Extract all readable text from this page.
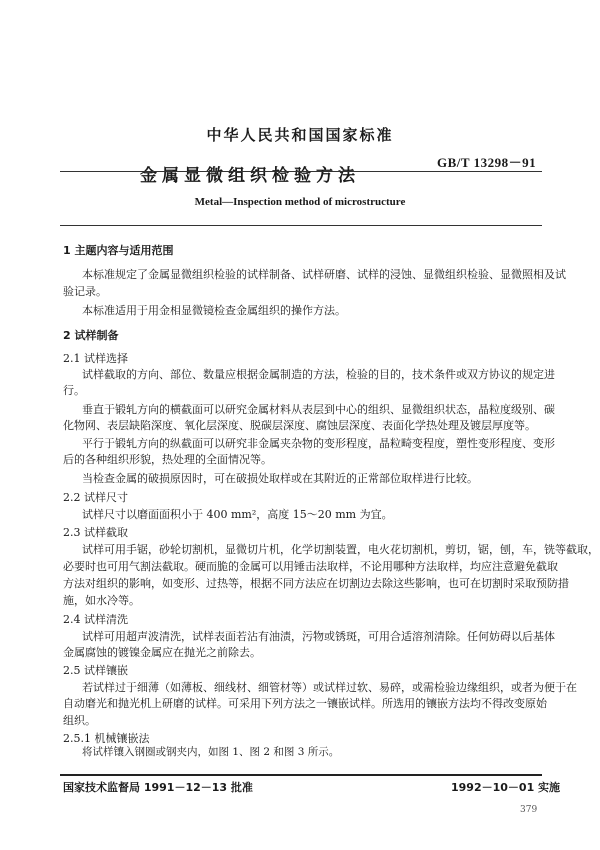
中华人民共和国国家标准
GB/T 13298－91
金属显微组织检验方法
Metal—Inspection method of microstructure
1 主题内容与适用范围
本标准规定了金属显微组织检验的试样制备、试样研磨、试样的浸蚀、显微组织检验、显微照相及试
验记录。
本标准适用于用金相显微镜检查金属组织的操作方法。
2 试样制备
2.1 试样选择
试样截取的方向、部位、数量应根据金属制造的方法，检验的目的，技术条件或双方协议的规定进
行。
垂直于锻轧方向的横截面可以研究金属材料从表层到中心的组织、显微组织状态，晶粒度级别、碳
化物网、表层缺陷深度、氧化层深度、脱碳层深度、腐蚀层深度、表面化学热处理及镀层厚度等。
平行于锻轧方向的纵截面可以研究非金属夹杂物的变形程度，晶粒畸变程度，塑性变形程度、变形
后的各种组织形貌，热处理的全面情况等。
当检查金属的破损原因时，可在破损处取样或在其附近的正常部位取样进行比较。
2.2 试样尺寸
试样尺寸以磨面面积小于 400 mm²，高度 15～20 mm 为宜。
2.3 试样截取
试样可用手锯，砂轮切割机，显微切片机，化学切割装置，电火花切割机，剪切，锯，刨，车，铣等截取，
必要时也可用气割法截取。硬而脆的金属可以用锤击法取样，不论用哪种方法取样，均应注意避免截取
方法对组织的影响，如变形、过热等，根据不同方法应在切割边去除这些影响，也可在切割时采取预防措
施，如水冷等。
2.4 试样清洗
试样可用超声波清洗，试样表面若沾有油渍，污物或锈斑，可用合适溶剂清除。任何妨碍以后基体
金属腐蚀的镀镍金属应在抛光之前除去。
2.5 试样镶嵌
若试样过于细薄（如薄板、细线材、细管材等）或试样过软、易碎，或需检验边缘组织，或者为便于在
自动磨光和抛光机上研磨的试样。可采用下列方法之一镶嵌试样。所选用的镶嵌方法均不得改变原始
组织。
2.5.1 机械镶嵌法
将试样镶入钢圈或钢夹内，如图 1、图 2 和图 3 所示。
国家技术监督局 1991－12－13 批准	1992－10－01 实施
379
